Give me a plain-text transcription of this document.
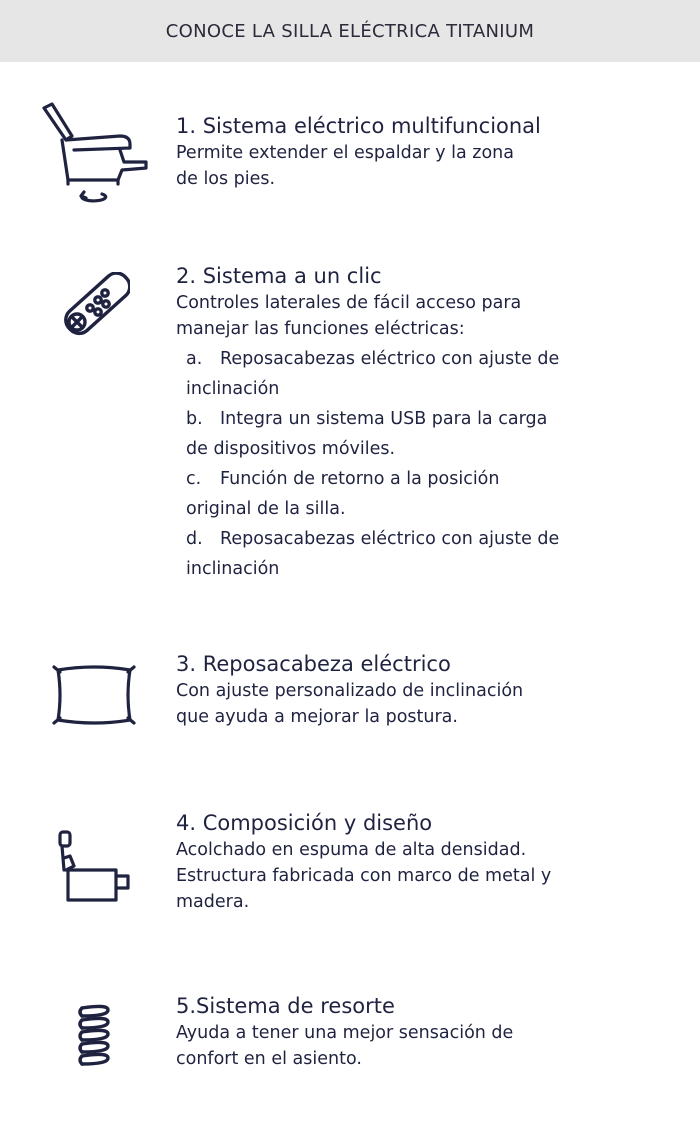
CONOCE LA SILLA ELÉCTRICA TITANIUM
1. Sistema eléctrico multifuncional
Permite extender el espaldar y la zona
de los pies.
2. Sistema a un clic
Controles laterales de fácil acceso para
manejar las funciones eléctricas:
a. Reposacabezas eléctrico con ajuste de
inclinación
b. Integra un sistema USB para la carga
de dispositivos móviles.
c. Función de retorno a la posición
original de la silla.
d. Reposacabezas eléctrico con ajuste de
inclinación
3. Reposacabeza eléctrico
Con ajuste personalizado de inclinación
que ayuda a mejorar la postura.
4. Composición y diseño
Acolchado en espuma de alta densidad.
Estructura fabricada con marco de metal y
madera.
5.Sistema de resorte
Ayuda a tener una mejor sensación de
confort en el asiento.
